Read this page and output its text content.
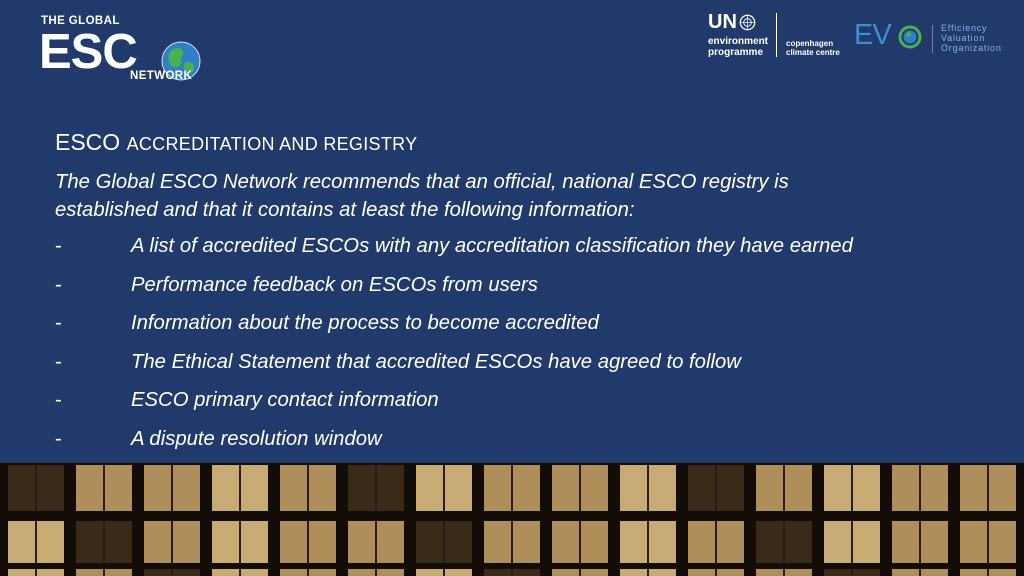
THE GLOBAL
ESC
NETWORK
UN
environment
programme
copenhagen
climate centre
EV	Efficiency
Valuation
Organization
ESCO ACCREDITATION AND REGISTRY
The Global ESCO Network recommends that an official, national ESCO registry is
established and that it contains at least the following information:
-	A list of accredited ESCOs with any accreditation classification they have earned
-	Performance feedback on ESCOs from users
-	Information about the process to become accredited
-	The Ethical Statement that accredited ESCOs have agreed to follow
-	ESCO primary contact information
-	A dispute resolution window
